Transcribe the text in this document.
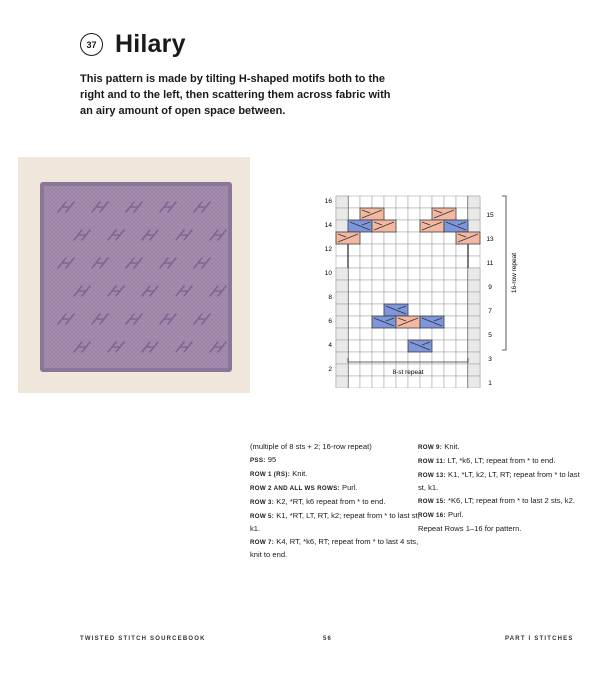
37 Hilary
This pattern is made by tilting H-shaped motifs both to the right and to the left, then scattering them across fabric with an airy amount of open space between.
16
14
12
10
8
6
4
2
15
13
11
9
7
5
3
1
8-st repeat
16-row repeat

(multiple of 8 sts + 2; 16-row repeat)

PSS: 95

ROW 1 (RS): Knit.

ROW 2 AND ALL WS ROWS: Purl.

ROW 3: K2, *RT, k6 repeat from * to end.

ROW 5: K1, *RT, LT, RT, k2; repeat from * to last st, k1.

ROW 7: K4, RT, *k6, RT; repeat from * to last 4 sts, knit to end.

ROW 9: Knit.

ROW 11: LT, *k6, LT; repeat from * to end.

ROW 13: K1, *LT, k2, LT, RT; repeat from * to last st, k1.

ROW 15: *K6, LT; repeat from * to last 2 sts, k2.

ROW 16: Purl.

Repeat Rows 1–16 for pattern.

TWISTED STITCH SOURCEBOOK	56	PART I STITCHES
